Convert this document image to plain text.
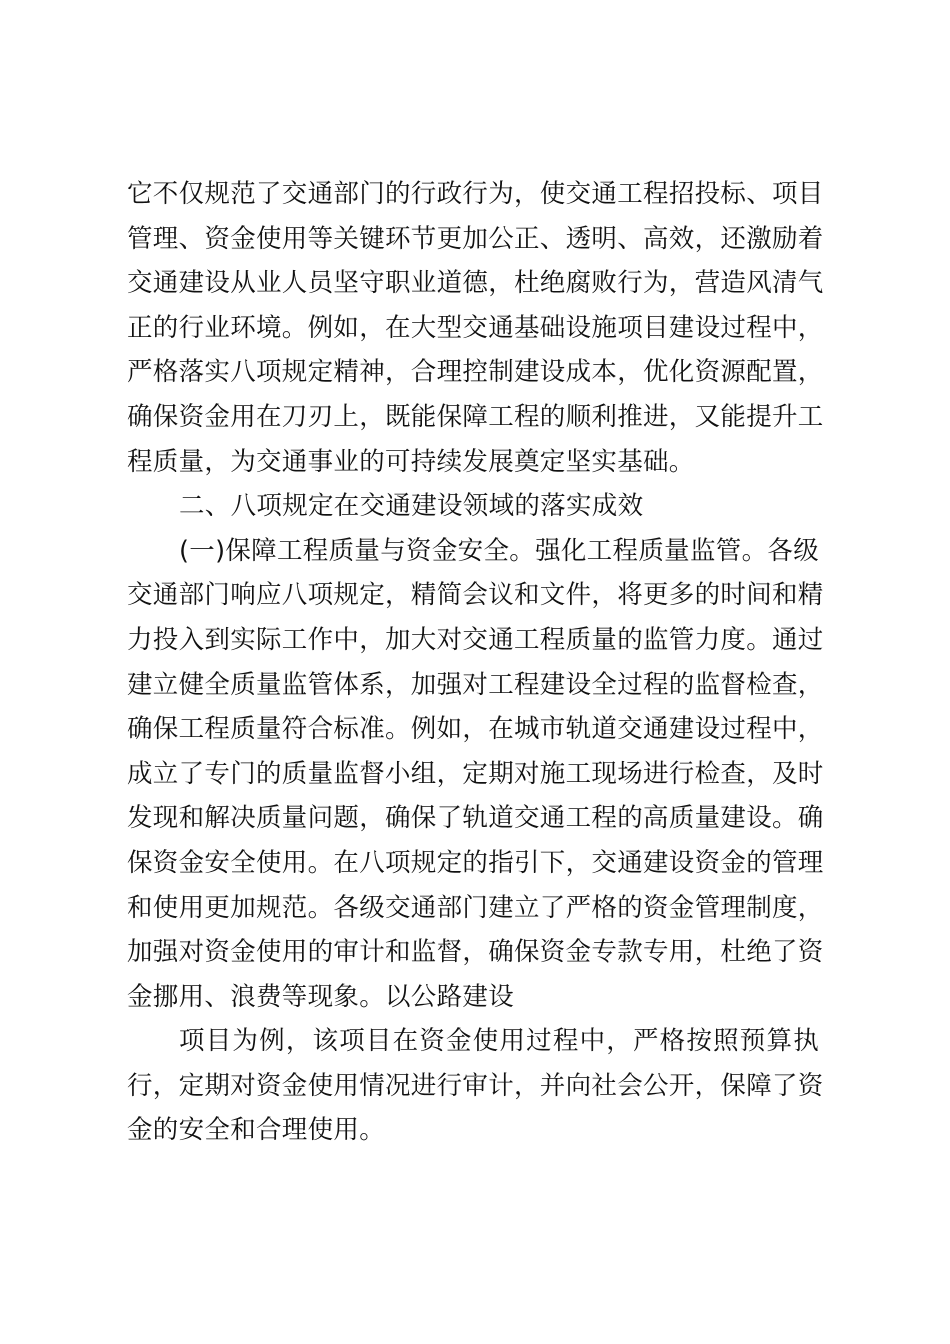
它不仅规范了交通部门的行政行为，使交通工程招投标、项目
管理、资金使用等关键环节更加公正、透明、高效，还激励着
交通建设从业人员坚守职业道德，杜绝腐败行为，营造风清气
正的行业环境。例如，在大型交通基础设施项目建设过程中，
严格落实八项规定精神，合理控制建设成本，优化资源配置，
确保资金用在刀刃上，既能保障工程的顺利推进，又能提升工
程质量，为交通事业的可持续发展奠定坚实基础。
二、八项规定在交通建设领域的落实成效
(一)保障工程质量与资金安全。强化工程质量监管。各级
交通部门响应八项规定，精简会议和文件，将更多的时间和精
力投入到实际工作中，加大对交通工程质量的监管力度。通过
建立健全质量监管体系，加强对工程建设全过程的监督检查，
确保工程质量符合标准。例如，在城市轨道交通建设过程中，
成立了专门的质量监督小组，定期对施工现场进行检查，及时
发现和解决质量问题，确保了轨道交通工程的高质量建设。确
保资金安全使用。在八项规定的指引下，交通建设资金的管理
和使用更加规范。各级交通部门建立了严格的资金管理制度，
加强对资金使用的审计和监督，确保资金专款专用，杜绝了资
金挪用、浪费等现象。以公路建设
项目为例，该项目在资金使用过程中，严格按照预算执
行，定期对资金使用情况进行审计，并向社会公开，保障了资
金的安全和合理使用。
